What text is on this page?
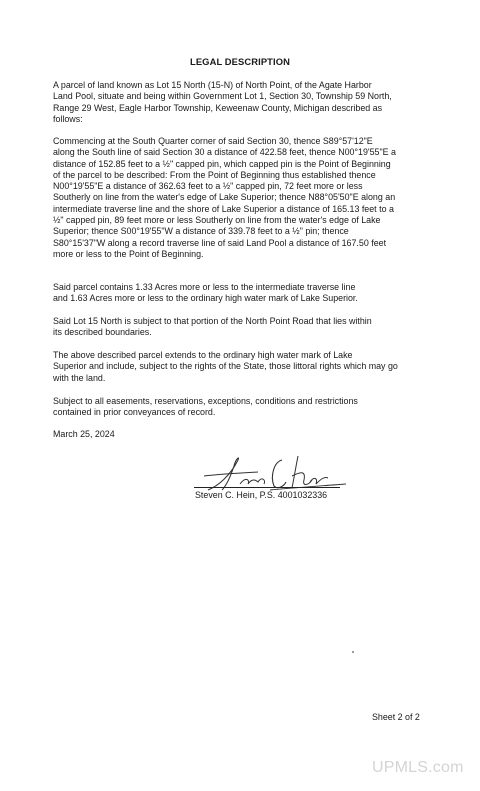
LEGAL DESCRIPTION

A parcel of land known as Lot 15 North (15-N) of North Point, of the Agate Harbor
Land Pool, situate and being within Government Lot 1, Section 30, Township 59 North,
Range 29 West, Eagle Harbor Township, Keweenaw County, Michigan described as
follows:

Commencing at the South Quarter corner of said Section 30, thence S89°57'12"E
along the South line of said Section 30 a distance of 422.58 feet, thence N00°19'55"E a
distance of 152.85 feet to a ½" capped pin, which capped pin is the Point of Beginning
of the parcel to be described: From the Point of Beginning thus established thence
N00°19'55"E a distance of 362.63 feet to a ½" capped pin, 72 feet more or less
Southerly on line from the water's edge of Lake Superior; thence N88°05'50"E along an
intermediate traverse line and the shore of Lake Superior a distance of 165.13 feet to a
½" capped pin, 89 feet more or less Southerly on line from the water's edge of Lake
Superior; thence S00°19'55"W a distance of 339.78 feet to a ½" pin; thence
S80°15'37"W along a record traverse line of said Land Pool a distance of 167.50 feet
more or less to the Point of Beginning.

Said parcel contains 1.33 Acres more or less to the intermediate traverse line
and 1.63 Acres more or less to the ordinary high water mark of Lake Superior.

Said Lot 15 North is subject to that portion of the North Point Road that lies within
its described boundaries.

The above described parcel extends to the ordinary high water mark of Lake
Superior and include, subject to the rights of the State, those littoral rights which may go
with the land.

Subject to all easements, reservations, exceptions, conditions and restrictions
contained in prior conveyances of record.

March 25, 2024
Steven C. Hein, P.S. 4001032336
Sheet 2 of 2
UPMLS.com
